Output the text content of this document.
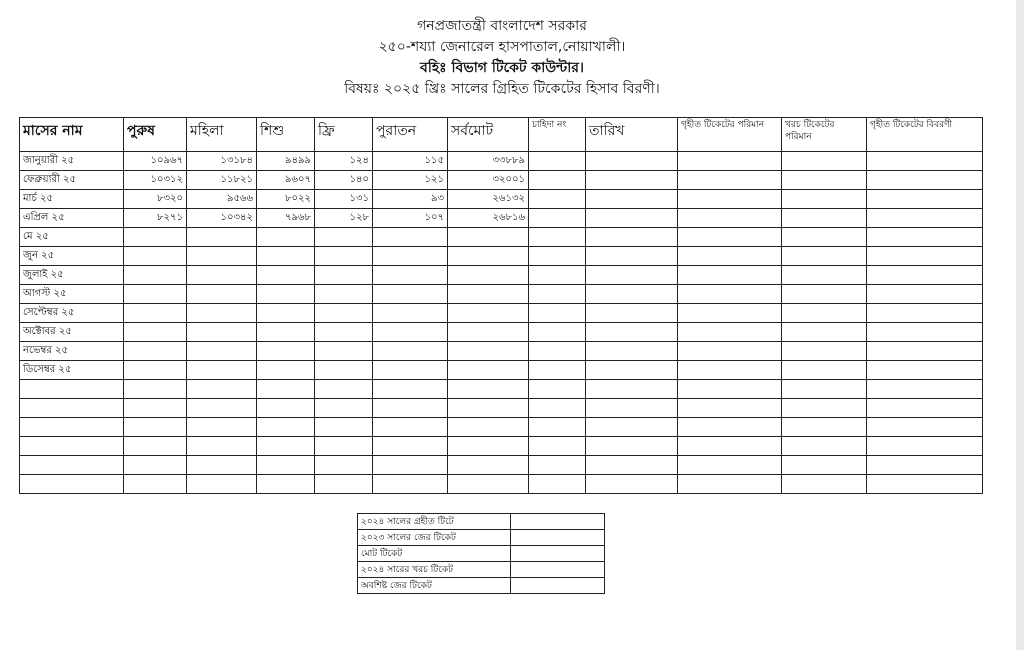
গনপ্রজাতন্ত্রী বাংলাদেশ সরকার
২৫০-শয্যা জেনারেল হাসপাতাল,নোয়াখালী।
বহিঃ বিভাগ টিকেট কাউন্টার।
বিষয়ঃ ২০২৫ খ্রিঃ সালের গ্রিহিত টিকেটের হিসাব বিরণী।
মাসের নাম	পুরুষ	মহিলা	শিশু	ফ্রি	পুরাতন	সর্বমোট	চাহিদা নং	তারিখ	গৃহীত টিকেটের পরিমান	খরচ টিকেটের পরিমান	গৃহীত টিকেটের বিবরণী
জানুয়ারী ২৫	১০৯৬৭	১৩১৮৪	৯৪৯৯	১২৪	১১৫	৩৩৮৮৯					
ফেব্রুয়ারী ২৫	১০৩১২	১১৮২১	৯৬০৭	১৪০	১২১	৩২০০১					
মার্চ ২৫	৮৩২০	৯৫৬৬	৮০২২	১৩১	৯৩	২৬১৩২					
এপ্রিল ২৫	৮২৭১	১০৩৪২	৭৯৬৮	১২৮	১০৭	২৬৮১৬					
মে ২৫											
জুন ২৫											
জুলাই ২৫											
আগস্ট ২৫											
সেপ্টেম্বর ২৫											
অক্টোবর ২৫											
নভেম্বর ২৫											
ডিসেম্বর ২৫											

২০২৪ সালের গ্রহীত টিটে	
২০২৩ সালের জের টিকেট	
মোট টিকেট	
২০২৪ সারের খরচ টিকেট	
অবশিষ্ট জের টিকেট	
